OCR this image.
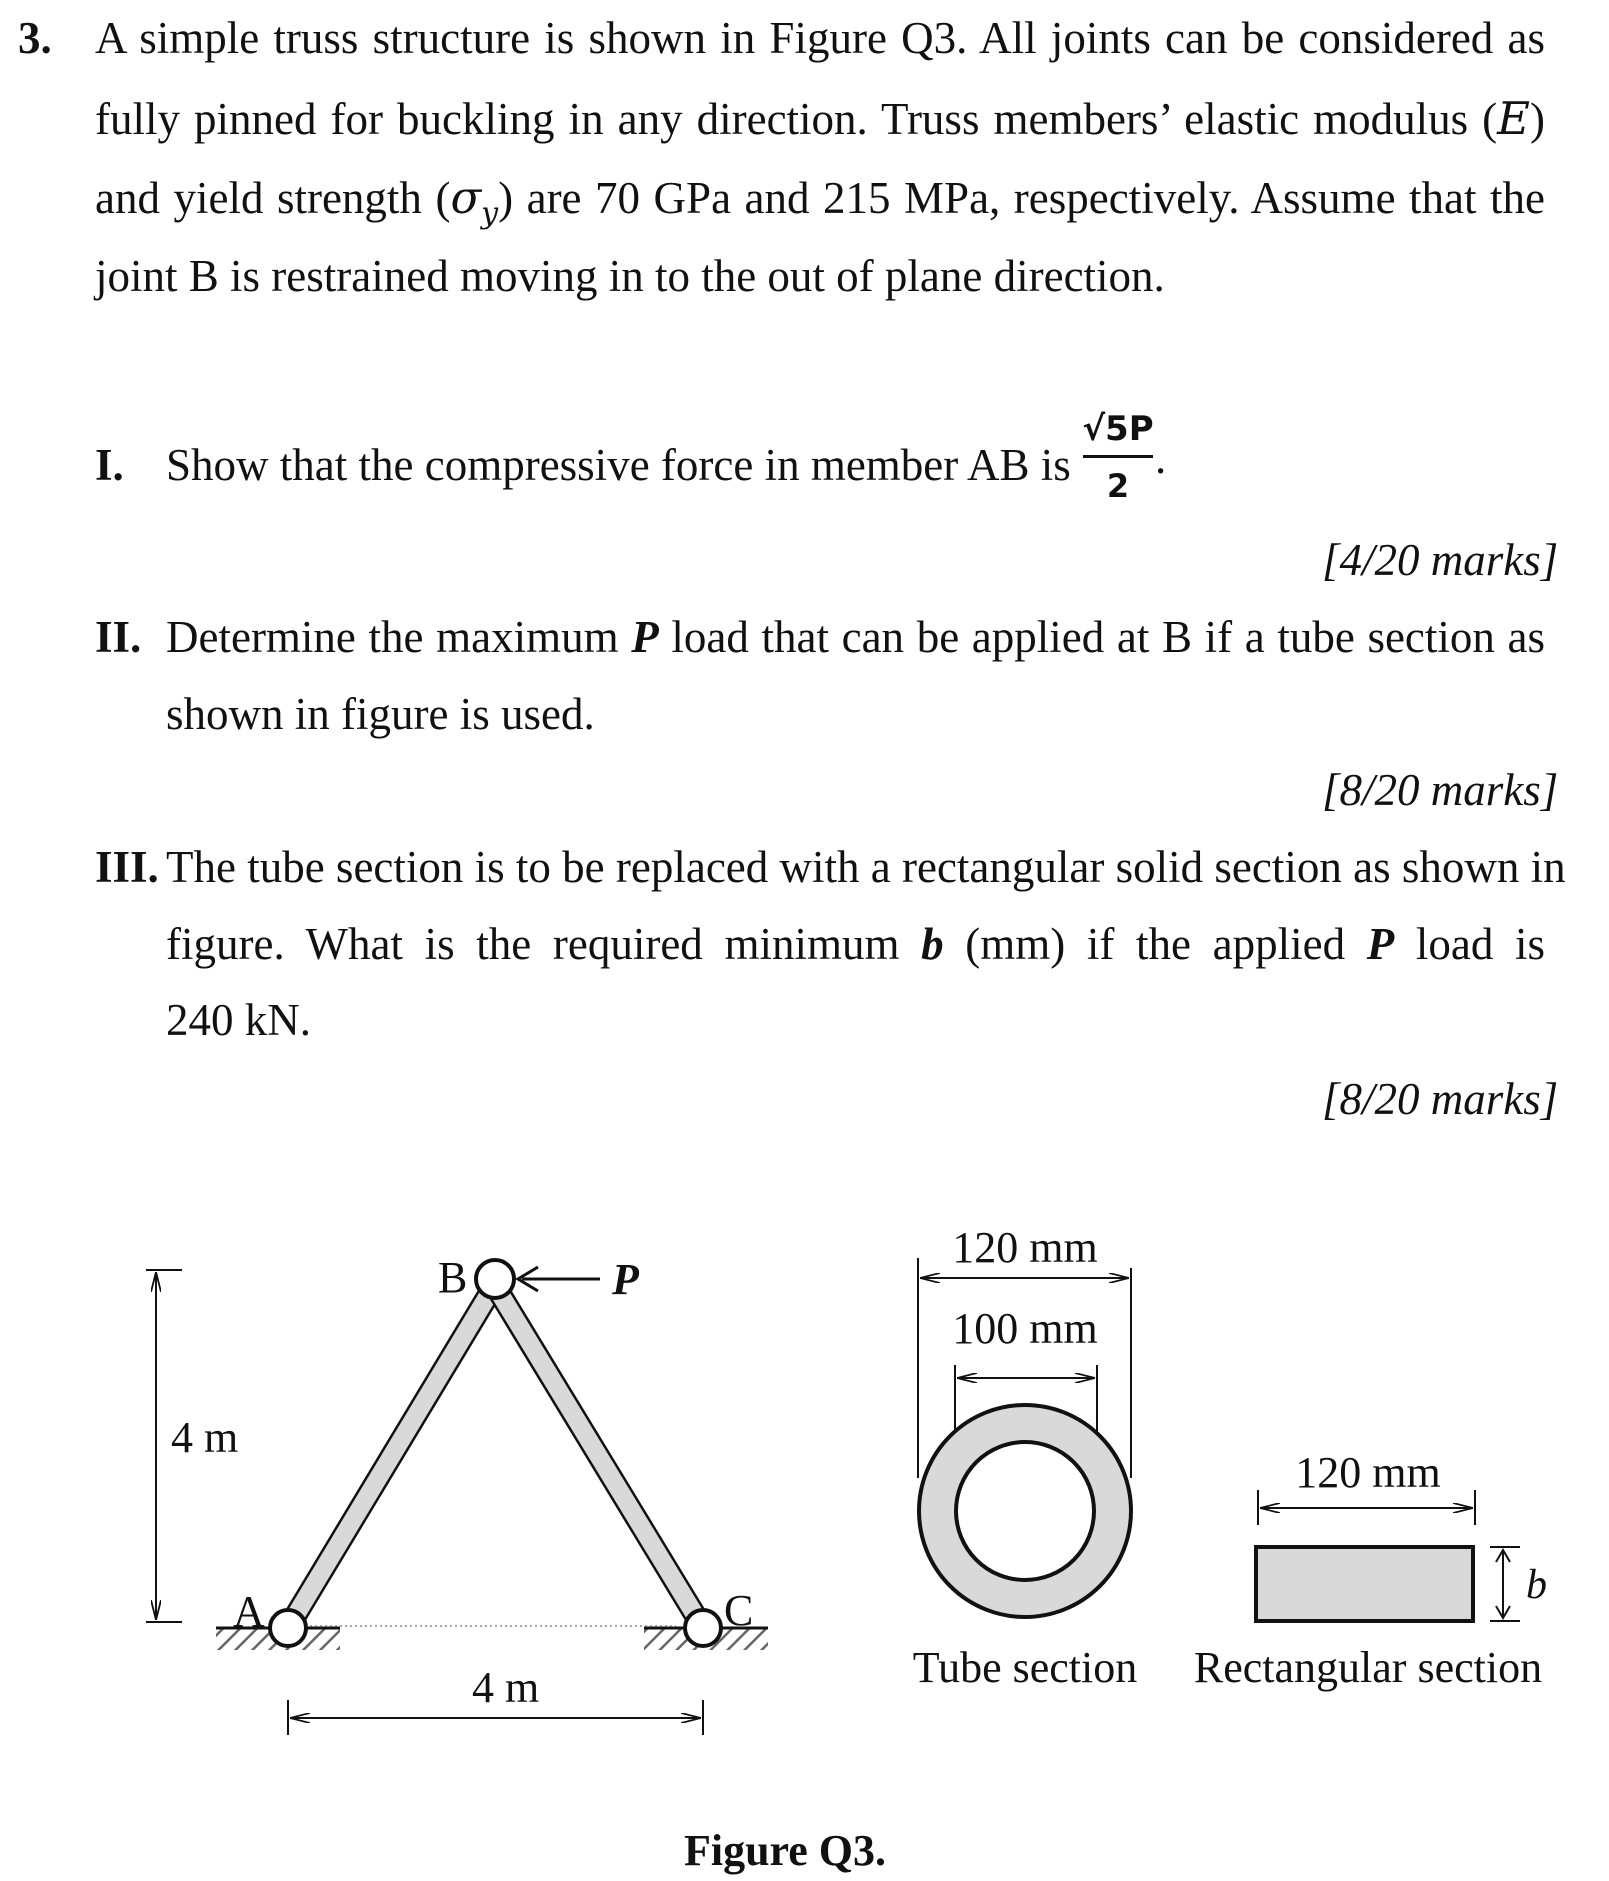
3. A simple truss structure is shown in Figure Q3. All joints can be considered as
fully pinned for buckling in any direction. Truss members’ elastic modulus (E)
and yield strength $(\sigma_y)$ are 70 GPa and 215 MPa, respectively. Assume that the
joint B is restrained moving in to the out of plane direction.
I. Show that the compressive force in member AB is
√5P
2
.
[4/20 marks]
II. Determine the maximum P load that can be applied at B if a tube section as
shown in figure is used.
[8/20 marks]
III. The tube section is to be replaced with a rectangular solid section as shown in
figure. What is the required minimum b (mm) if the applied P load is
240 kN.
[8/20 marks]
4 m
A
B
C
P
4 m
120 mm
100 mm
Tube section
120 mm
b
Rectangular section
Figure Q3.
